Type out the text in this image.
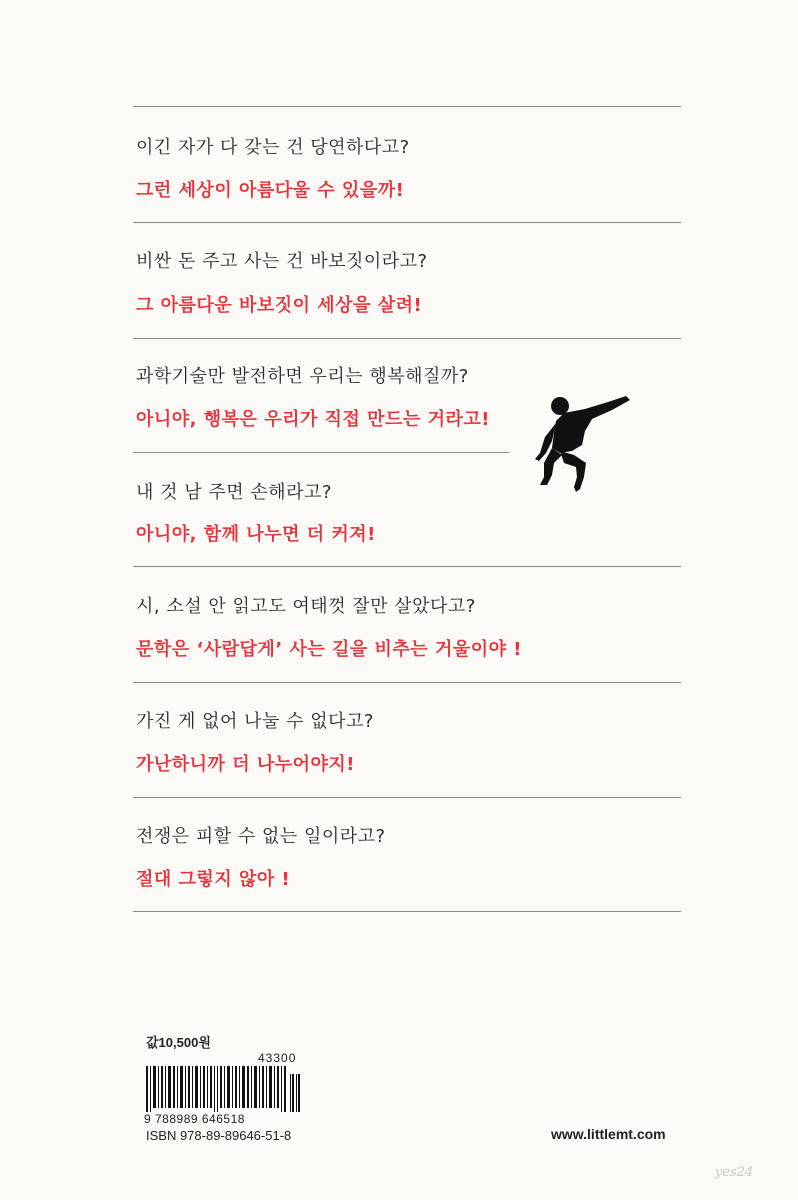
이긴 자가 다 갖는 건 당연하다고?
그런 세상이 아름다울 수 있을까!
비싼 돈 주고 사는 건 바보짓이라고?
그 아름다운 바보짓이 세상을 살려!
과학기술만 발전하면 우리는 행복해질까?
아니야, 행복은 우리가 직접 만드는 거라고!
내 것 남 주면 손해라고?
아니야, 함께 나누면 더 커져!
시, 소설 안 읽고도 여태껏 잘만 살았다고?
문학은 ‘사람답게’ 사는 길을 비추는 거울이야 !
가진 게 없어 나눌 수 없다고?
가난하니까 더 나누어야지!
전쟁은 피할 수 없는 일이라고?
절대 그렇지 않아 !
값10,500원
43300
9 788989 646518
ISBN 978-89-89646-51-8	www.littlemt.com
yes24
